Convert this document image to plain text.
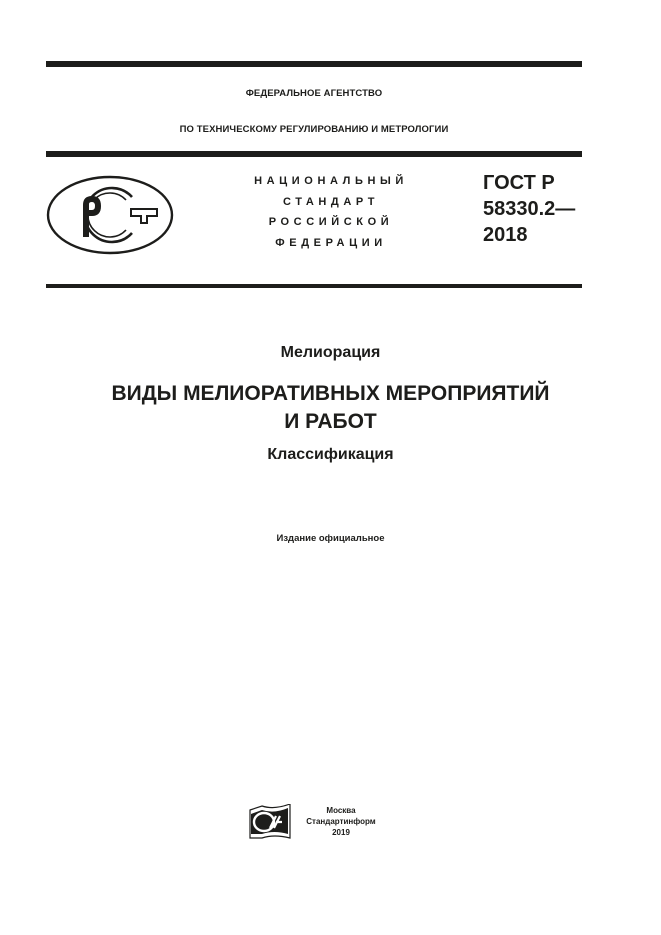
ФЕДЕРАЛЬНОЕ АГЕНТСТВО
ПО ТЕХНИЧЕСКОМУ РЕГУЛИРОВАНИЮ И МЕТРОЛОГИИ
НАЦИОНАЛЬНЫЙ
СТАНДАРТ
РОССИЙСКОЙ
ФЕДЕРАЦИИ
ГОСТ Р
58330.2—
2018
Мелиорация
ВИДЫ МЕЛИОРАТИВНЫХ МЕРОПРИЯТИЙ
И РАБОТ
Классификация
Издание официальное
Москва
Стандартинформ
2019
